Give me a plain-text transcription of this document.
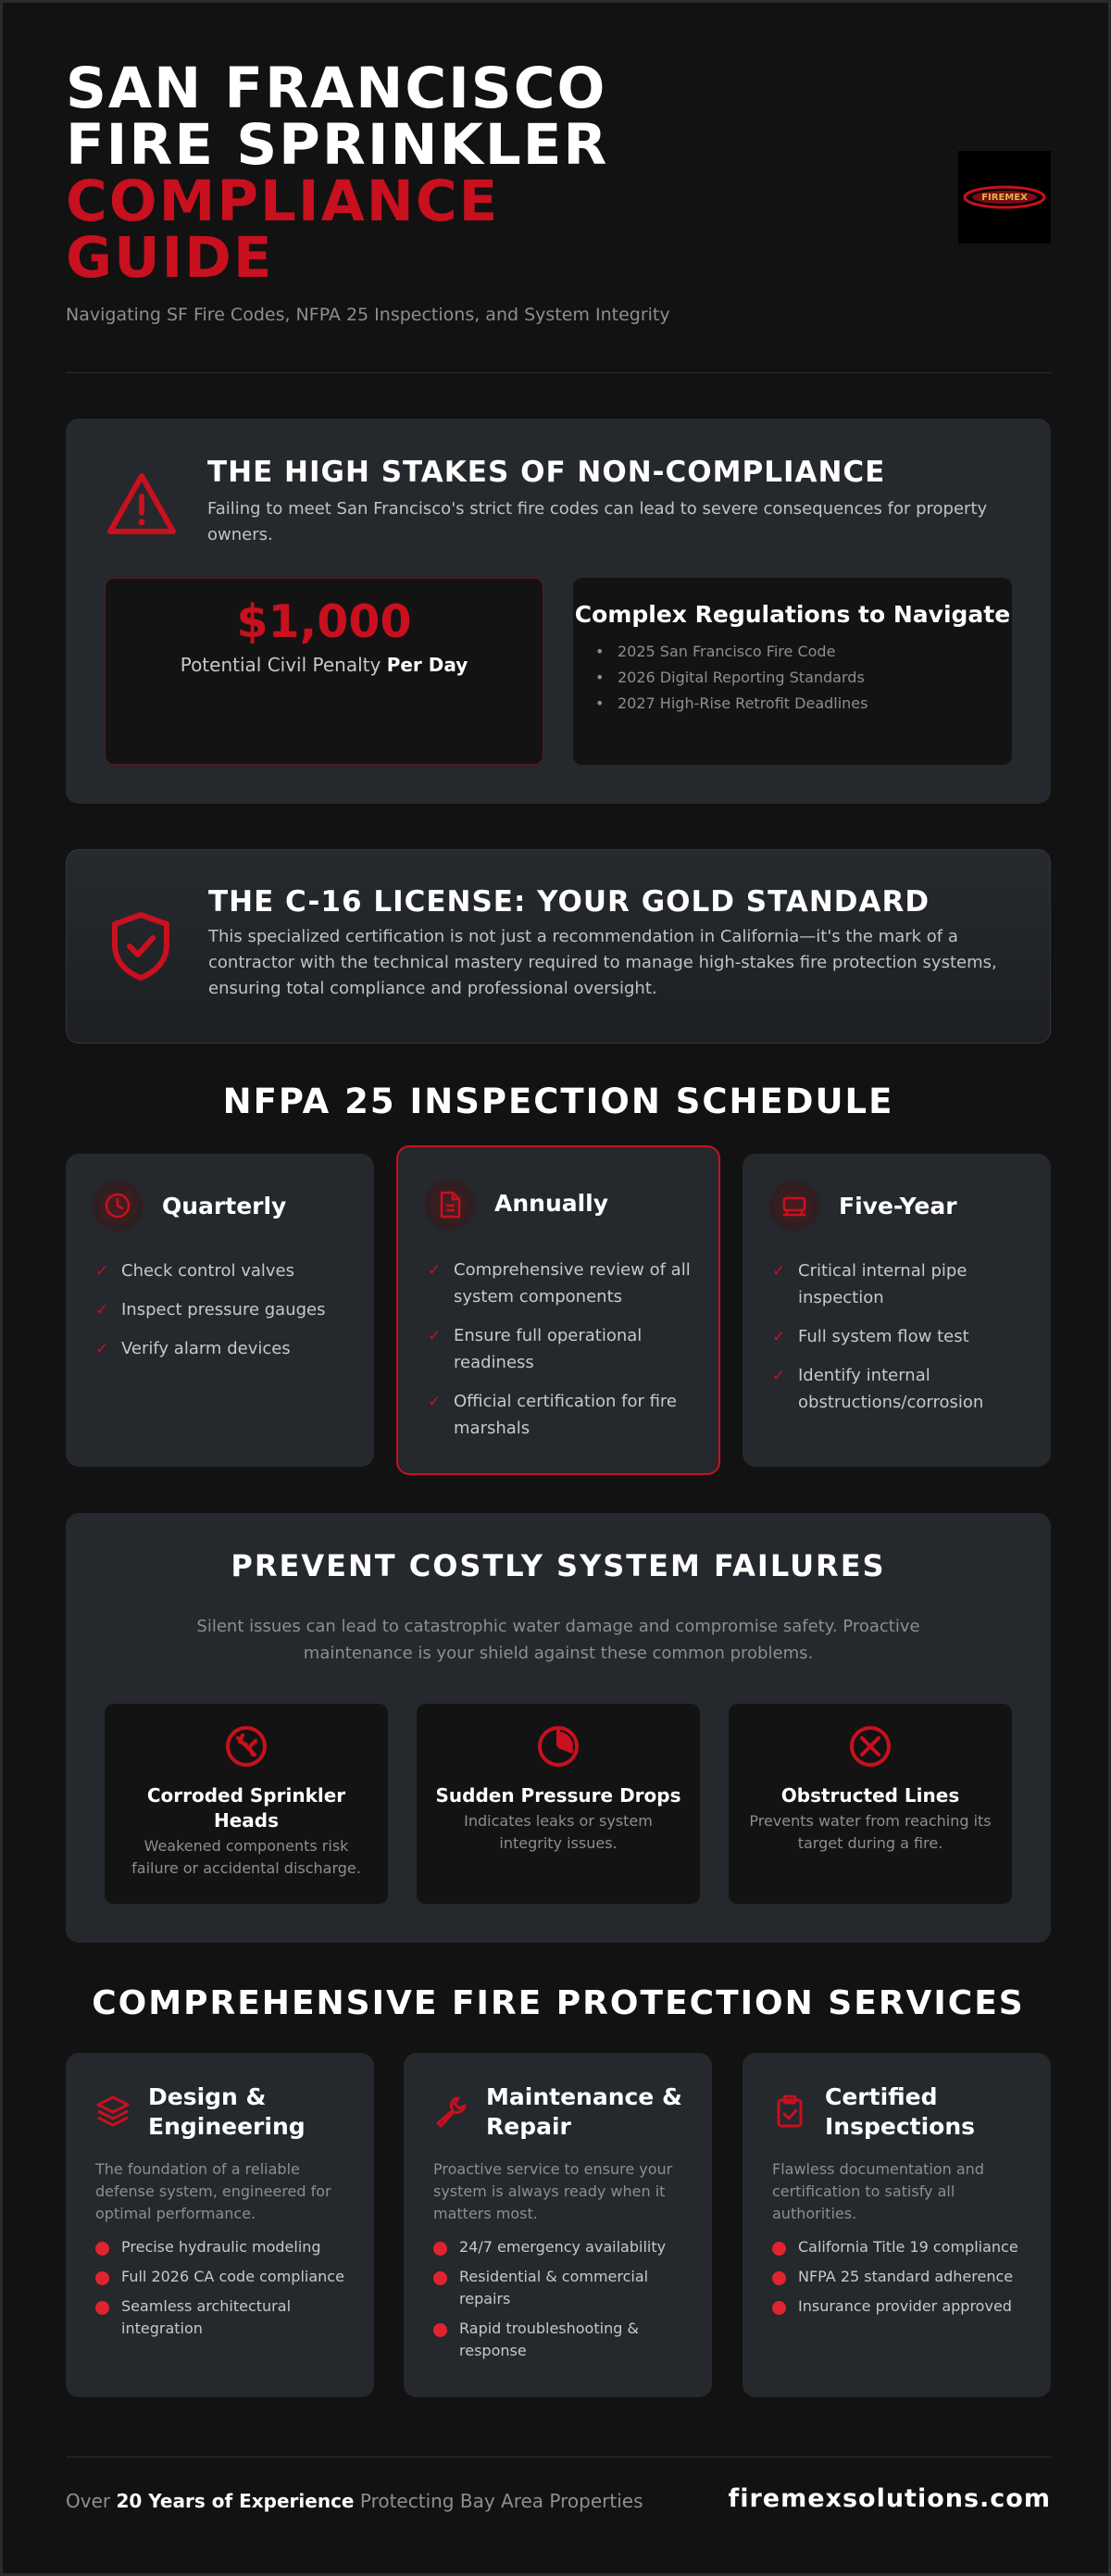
SAN FRANCISCO
FIRE SPRINKLER
COMPLIANCE
GUIDE
Navigating SF Fire Codes, NFPA 25 Inspections, and System Integrity
FIREMEX
THE HIGH STAKES OF NON-COMPLIANCE
Failing to meet San Francisco's strict fire codes can lead to severe consequences for property owners.
$1,000
Potential Civil Penalty Per Day
Complex Regulations to Navigate
• 2025 San Francisco Fire Code
• 2026 Digital Reporting Standards
• 2027 High-Rise Retrofit Deadlines
THE C-16 LICENSE: YOUR GOLD STANDARD
This specialized certification is not just a recommendation in California—it's the mark of a contractor with the technical mastery required to manage high-stakes fire protection systems, ensuring total compliance and professional oversight.
NFPA 25 INSPECTION SCHEDULE
Quarterly
✓ Check control valves
✓ Inspect pressure gauges
✓ Verify alarm devices
Annually
✓ Comprehensive review of all system components
✓ Ensure full operational readiness
✓ Official certification for fire marshals
Five-Year
✓ Critical internal pipe inspection
✓ Full system flow test
✓ Identify internal obstructions/corrosion
PREVENT COSTLY SYSTEM FAILURES
Silent issues can lead to catastrophic water damage and compromise safety. Proactive maintenance is your shield against these common problems.
Corroded Sprinkler Heads

Weakened components risk failure or accidental discharge.

Sudden Pressure Drops

Indicates leaks or system integrity issues.

Obstructed Lines

Prevents water from reaching its target during a fire.

COMPREHENSIVE FIRE PROTECTION SERVICES
Design & Engineering
The foundation of a reliable defense system, engineered for optimal performance.
Precise hydraulic modeling
Full 2026 CA code compliance
Seamless architectural integration
Maintenance & Repair
Proactive service to ensure your system is always ready when it matters most.
24/7 emergency availability
Residential & commercial repairs
Rapid troubleshooting & response
Certified Inspections
Flawless documentation and certification to satisfy all authorities.
California Title 19 compliance
NFPA 25 standard adherence
Insurance provider approved
Over 20 Years of Experience Protecting Bay Area Properties	firemexsolutions.com
